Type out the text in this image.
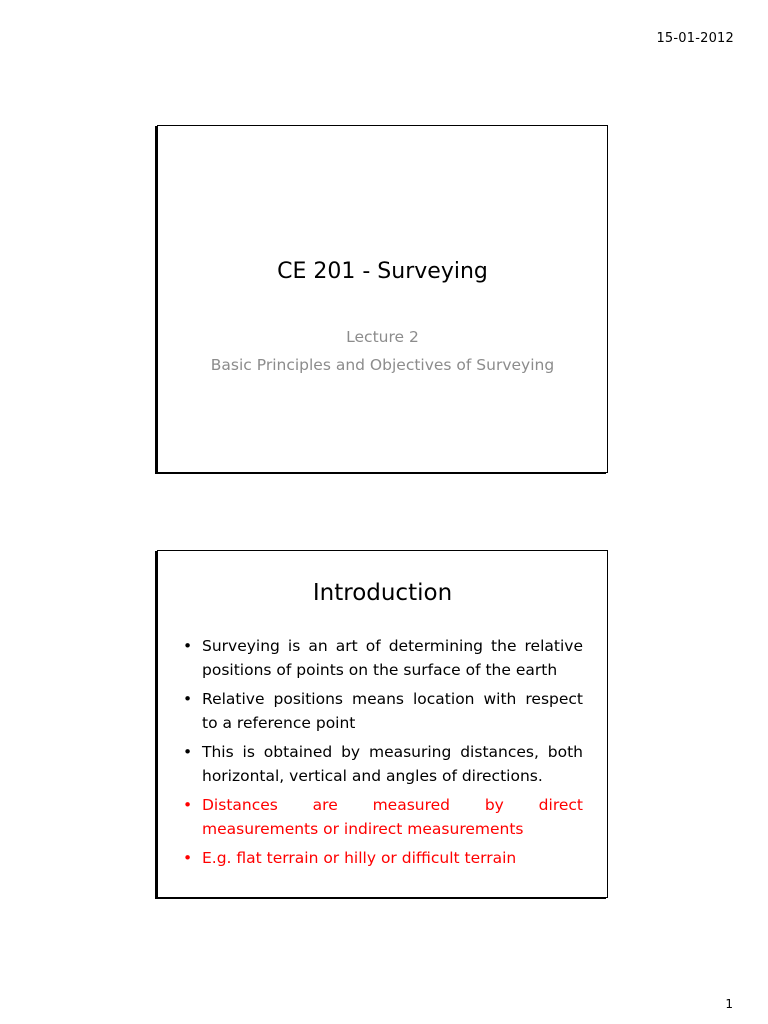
15-01-2012
CE 201 - Surveying
Lecture 2
Basic Principles and Objectives of Surveying
Introduction
• Surveying is an art of determining the relative positions of points on the surface of the earth
• Relative positions means location with respect to a reference point
• This is obtained by measuring distances, both horizontal, vertical and angles of directions.
• Distances are measured by direct measurements or indirect measurements
• E.g. flat terrain or hilly or difficult terrain
1
